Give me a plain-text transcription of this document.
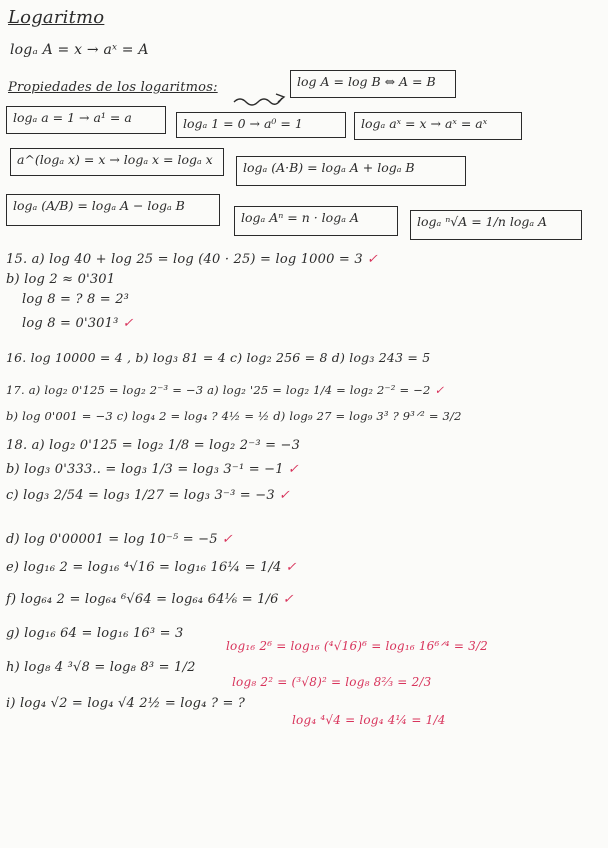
Logaritmo
logₐ A = x → aˣ = A
Propiedades de los logaritmos:	log A = log B ⇔ A = B
logₐ a = 1 → a¹ = a	logₐ 1 = 0 → a⁰ = 1	logₐ aˣ = x → aˣ = aˣ
a^(logₐ x) = x → logₐ x = logₐ x
logₐ (A·B) = logₐ A + logₐ B
logₐ (A/B) = logₐ A − logₐ B
logₐ Aⁿ = n · logₐ A	logₐ ⁿ√A = 1/n logₐ A
15. a) log 40 + log 25 = log (40 · 25) = log 1000 = 3 ✓
b) log 2 ≈ 0'301
log 8 = ? 8 = 2³
log 8 = 0'301³ ✓
16. log 10000 = 4 , b) log₃ 81 = 4 c) log₂ 256 = 8 d) log₃ 243 = 5
17. a) log₂ 0'125 = log₂ 2⁻³ = −3 a) log₂ '25 = log₂ 1/4 = log₂ 2⁻² = −2 ✓
b) log 0'001 = −3 c) log₄ 2 = log₄ ? 4½ = ½ d) log₉ 27 = log₉ 3³ ? 9³ᐟ² = 3/2
18. a) log₂ 0'125 = log₂ 1/8 = log₂ 2⁻³ = −3
b) log₃ 0'333.. = log₃ 1/3 = log₃ 3⁻¹ = −1 ✓
c) log₃ 2/54 = log₃ 1/27 = log₃ 3⁻³ = −3 ✓
d) log 0'00001 = log 10⁻⁵ = −5 ✓
e) log₁₆ 2 = log₁₆ ⁴√16 = log₁₆ 16¼ = 1/4 ✓
f) log₆₄ 2 = log₆₄ ⁶√64 = log₆₄ 64⅙ = 1/6 ✓
g) log₁₆ 64 = log₁₆ 16³ = 3
log₁₆ 2⁶ = log₁₆ (⁴√16)⁶ = log₁₆ 16⁶ᐟ⁴ = 3/2
h) log₈ 4 ³√8 = log₈ 8³ = 1/2
log₈ 2² = (³√8)² = log₈ 8⅔ = 2/3
i) log₄ √2 = log₄ √4 2½ = log₄ ? = ?
log₄ ⁴√4 = log₄ 4¼ = 1/4
